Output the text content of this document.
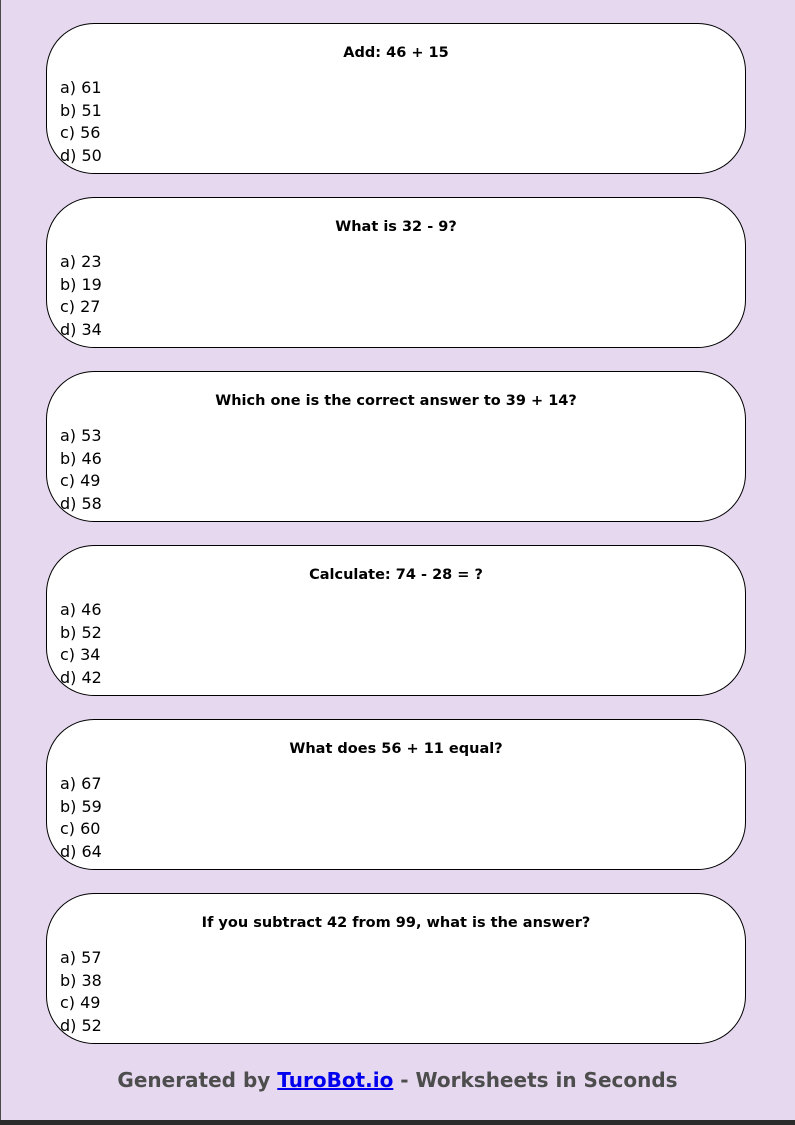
Add: 46 + 15
a) 61
b) 51
c) 56
d) 50
What is 32 - 9?
a) 23
b) 19
c) 27
d) 34
Which one is the correct answer to 39 + 14?
a) 53
b) 46
c) 49
d) 58
Calculate: 74 - 28 = ?
a) 46
b) 52
c) 34
d) 42
What does 56 + 11 equal?
a) 67
b) 59
c) 60
d) 64
If you subtract 42 from 99, what is the answer?
a) 57
b) 38
c) 49
d) 52
Generated by TuroBot.io - Worksheets in Seconds
